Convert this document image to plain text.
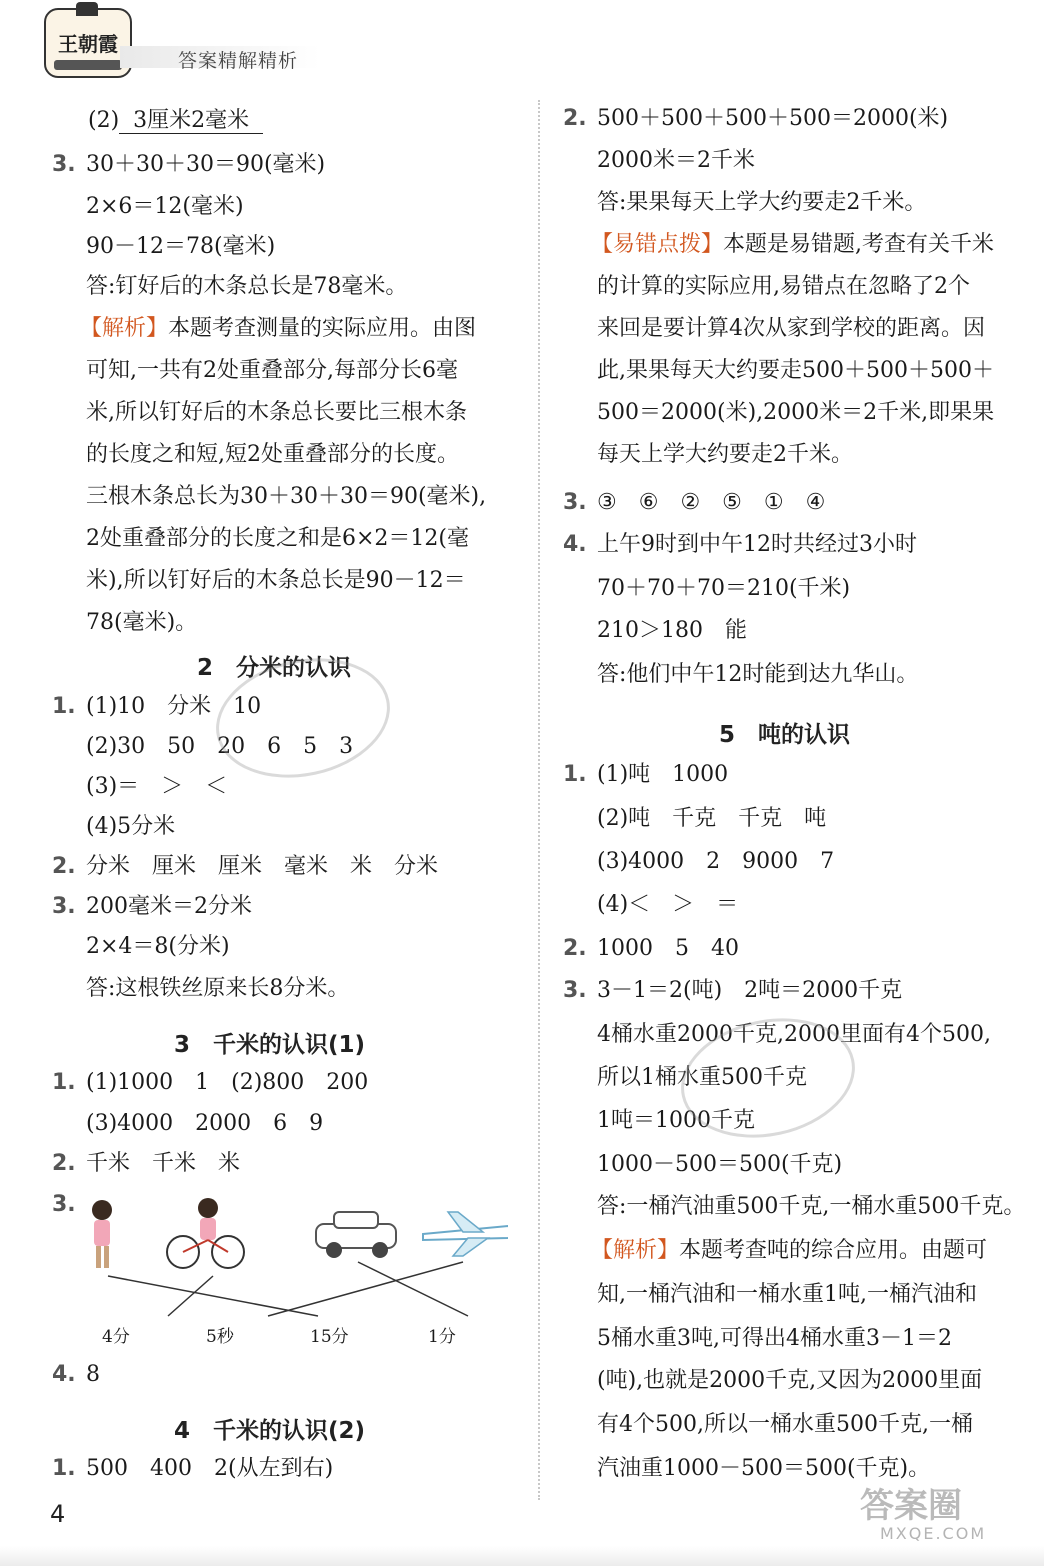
王朝霞
答案精解精析
(2) 3厘米2毫米
3. 30＋30＋30＝90(毫米)
2×6＝12(毫米)
90－12＝78(毫米)
答:钉好后的木条总长是78毫米。
【解析】本题考查测量的实际应用。由图
可知,一共有2处重叠部分,每部分长6毫
米,所以钉好后的木条总长要比三根木条
的长度之和短,短2处重叠部分的长度。
三根木条总长为30＋30＋30＝90(毫米),
2处重叠部分的长度之和是6×2＝12(毫
米),所以钉好后的木条总长是90－12＝
78(毫米)。
2　分米的认识
1. (1)10　分米　10
(2)30　50　20　6　5　3
(3)＝　＞　＜
(4)5分米
2. 分米　厘米　厘米　毫米　米　分米
3. 200毫米＝2分米
2×4＝8(分米)
答:这根铁丝原来长8分米。
3　千米的认识(1)
1. (1)1000　1　(2)800　200
(3)4000　2000　6　9
2. 千米　千米　米
3.
4分	5秒	15分	1分
4. 8
4　千米的认识(2)
1. 500　400　2(从左到右)
2. 500＋500＋500＋500＝2000(米)
2000米＝2千米
答:果果每天上学大约要走2千米。
【易错点拨】本题是易错题,考查有关千米
的计算的实际应用,易错点在忽略了2个
来回是要计算4次从家到学校的距离。因
此,果果每天大约要走500＋500＋500＋
500＝2000(米),2000米＝2千米,即果果
每天上学大约要走2千米。
3. ③　⑥　②　⑤　①　④
4. 上午9时到中午12时共经过3小时
70＋70＋70＝210(千米)
210＞180　能
答:他们中午12时能到达九华山。
5　吨的认识
1. (1)吨　1000
(2)吨　千克　千克　吨
(3)4000　2　9000　7
(4)＜　＞　＝
2. 1000　5　40
3. 3－1＝2(吨)　2吨＝2000千克
4桶水重2000千克,2000里面有4个500,
所以1桶水重500千克
1吨＝1000千克
1000－500＝500(千克)
答:一桶汽油重500千克,一桶水重500千克。
【解析】本题考查吨的综合应用。由题可
知,一桶汽油和一桶水重1吨,一桶汽油和
5桶水重3吨,可得出4桶水重3－1＝2
(吨),也就是2000千克,又因为2000里面
有4个500,所以一桶水重500千克,一桶
汽油重1000－500＝500(千克)。
4	答案圈
MXQE.COM
